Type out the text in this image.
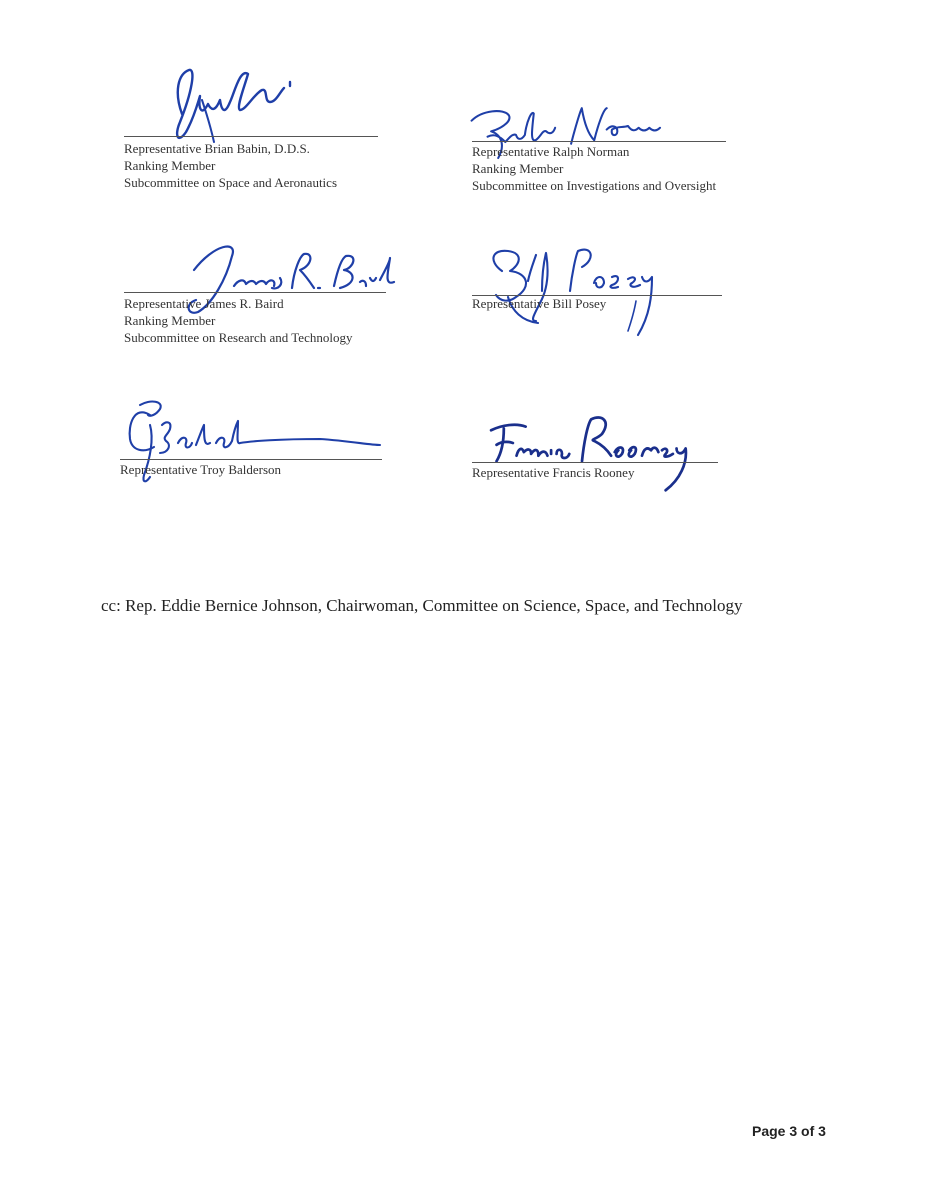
Representative Brian Babin, D.D.S.
Ranking Member
Subcommittee on Space and Aeronautics
Representative Ralph Norman
Ranking Member
Subcommittee on Investigations and Oversight
Representative James R. Baird
Ranking Member
Subcommittee on Research and Technology
Representative Bill Posey
Representative Troy Balderson	Representative Francis Rooney
cc: Rep. Eddie Bernice Johnson, Chairwoman, Committee on Science, Space, and Technology
Page 3 of 3
